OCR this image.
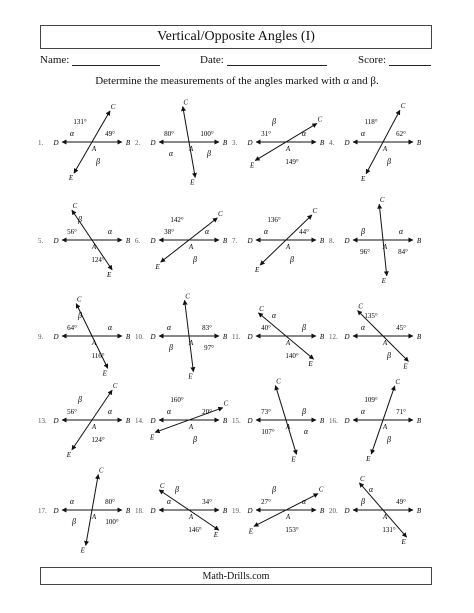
Vertical/Opposite Angles (I)
Name:	Date:	Score:
Determine the measurements of the angles marked with α and β.
1. D	B
A
C
E
131°
49°
α
β
2. D	B
A
C
E
80°	100°
α	β
3. D	B
A
C
E
β
α
31°
149°
4. D	B
A
C
E
118°
62°
α
β
5. D	B
A
C
E
56°
β
α
124°
6. D	B
A
C
E
142°
38°	α
β
7. D	B
A
C
E
136°
44°
α
β
8. D	B
A
C
E
β	α
96°	84°
9. D	B
A
C
E
64°
β
α
116°
10. D	B
A
C
E
α	83°
β	97°
11. D	B
A
C
E
40°
α
β
140°
12. D	B
A
C
E
135°
α	45°
β
13. D	B
A
C
E
β
α
56°
124°
14. D	B
A
C
E
160°
20°
α
β
15. D	B
A
C
E
73°	β
107°	α
16. D	B
A
C
E
109°
71°
α
β
17. D	B
A
C
E
α	80°
β	100°
18. D	B
A
C
E
β
α	34°
146°
19. D	B
A
C
E
27°
β
α
153°
20. D	B
A
C
E
α
β	49°
131°
Math-Drills.com
